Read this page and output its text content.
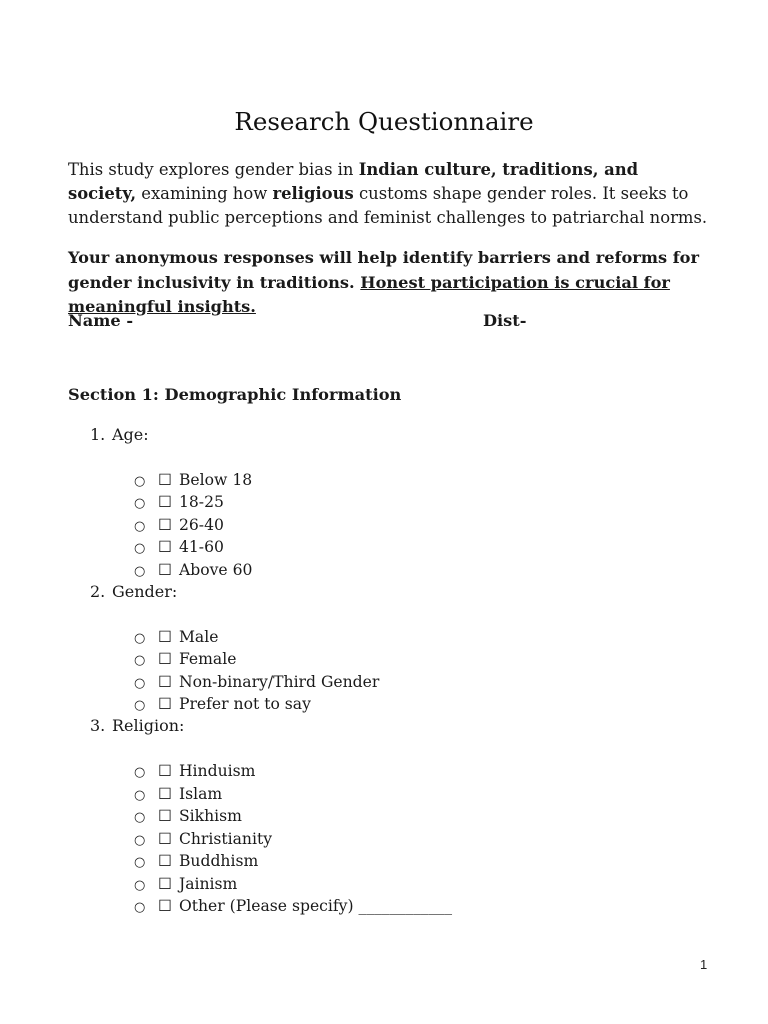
Research Questionnaire

This study explores gender bias in Indian culture, traditions, and society, examining how religious customs shape gender roles. It seeks to understand public perceptions and feminist challenges to patriarchal norms.

Your anonymous responses will help identify barriers and reforms for gender inclusivity in traditions. Honest participation is crucial for meaningful insights.

Name -	Dist-
Section 1: Demographic Information
1. Age:
○ ☐ Below 18
○ ☐ 18-25
○ ☐ 26-40
○ ☐ 41-60
○ ☐ Above 60
2. Gender:
○ ☐ Male
○ ☐ Female
○ ☐ Non-binary/Third Gender
○ ☐ Prefer not to say
3. Religion:
○ ☐ Hinduism
○ ☐ Islam
○ ☐ Sikhism
○ ☐ Christianity
○ ☐ Buddhism
○ ☐ Jainism
○ ☐ Other (Please specify) ____________
1
